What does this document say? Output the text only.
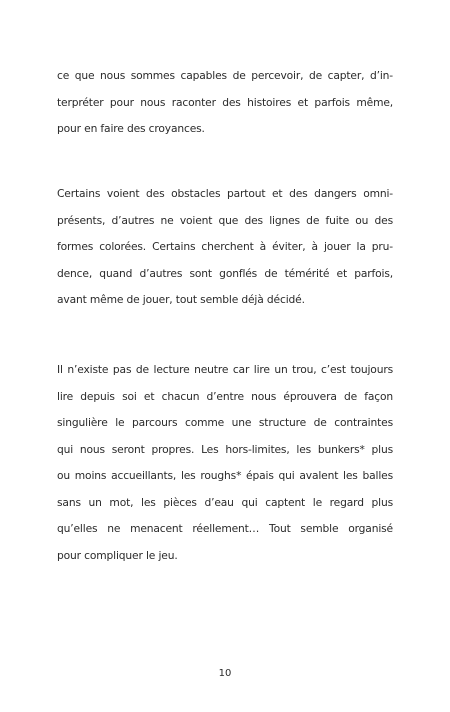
ce que nous sommes capables de percevoir, de capter, d’in-
terpréter pour nous raconter des histoires et parfois même,
pour en faire des croyances.
Certains voient des obstacles partout et des dangers omni-
présents, d’autres ne voient que des lignes de fuite ou des
formes colorées. Certains cherchent à éviter, à jouer la pru-
dence, quand d’autres sont gonflés de témérité et parfois,
avant même de jouer, tout semble déjà décidé.
Il n’existe pas de lecture neutre car lire un trou, c’est toujours
lire depuis soi et chacun d’entre nous éprouvera de façon
singulière le parcours comme une structure de contraintes
qui nous seront propres. Les hors-limites, les bunkers* plus
ou moins accueillants, les roughs* épais qui avalent les balles
sans un mot, les pièces d’eau qui captent le regard plus
qu’elles ne menacent réellement… Tout semble organisé
pour compliquer le jeu.
10
